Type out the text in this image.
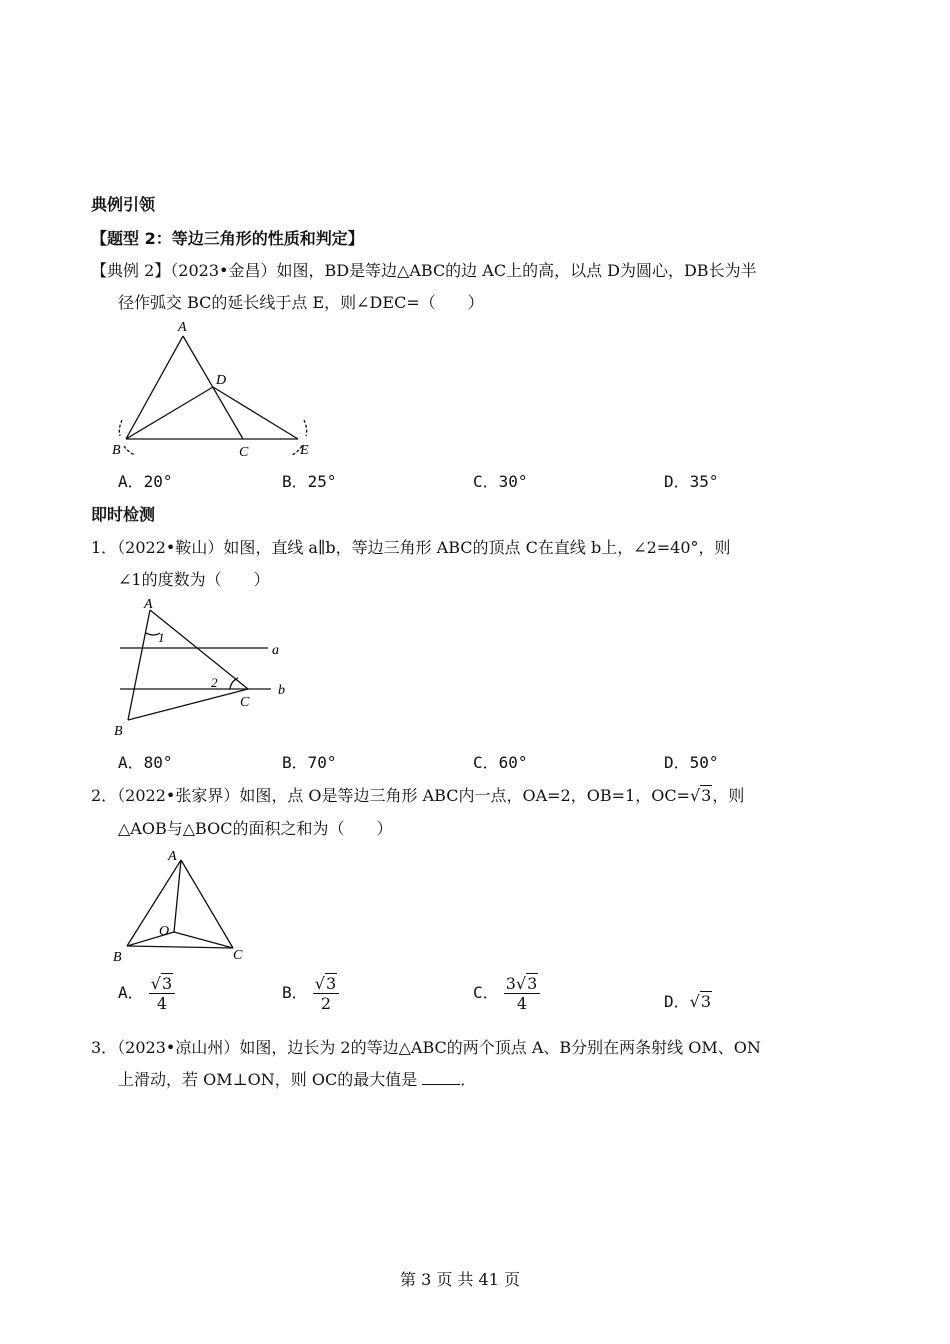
典例引领
【题型 2：等边三角形的性质和判定】
【典例 2】（2023•金昌）如图，BD是等边△ABC的边 AC上的高，以点 D为圆心，DB长为半
径作弧交 BC的延长线于点 E，则∠DEC=（　　）
A
D
B	C	E
A．20°	B．25°	C．30°	D．35°
即时检测
1．（2022•鞍山）如图，直线 a∥b，等边三角形 ABC的顶点 C在直线 b上，∠2=40°，则
∠1的度数为（　　）
A
1
a
2
b
C
B
A．80°	B．70°	C．60°	D．50°
2．（2022•张家界）如图，点 O是等边三角形 ABC内一点，OA=2，OB=1，OC=√3，则
△AOB与△BOC的面积之和为（　　）
A
O
B	C
A． $\frac{√3}{4}$	B． $\frac{√3}{2}$	C． $\frac{3√3}{4}$	D．√3
3．（2023•凉山州）如图，边长为 2的等边△ABC的两个顶点 A、B分别在两条射线 OM、ON
上滑动，若 OM⊥ON，则 OC的最大值是	．
第 3 页 共 41 页
